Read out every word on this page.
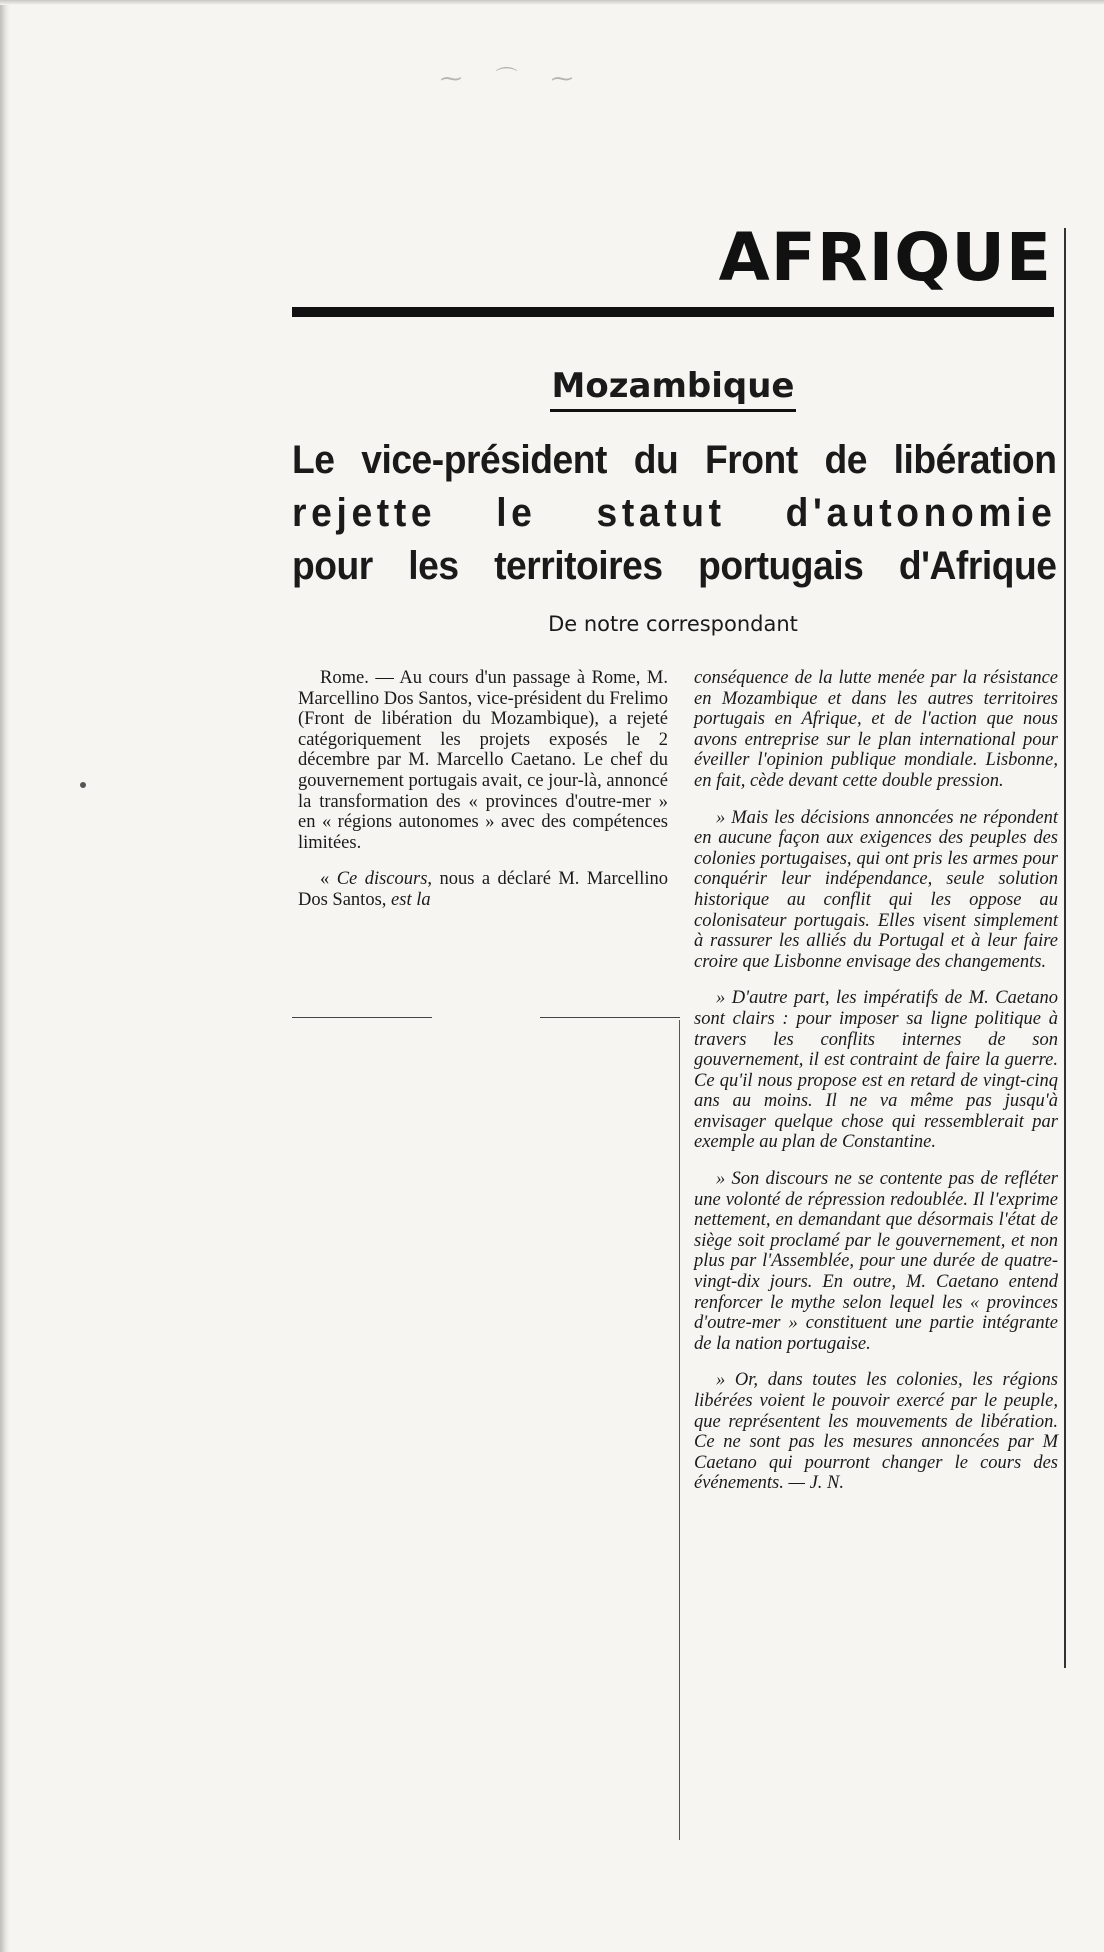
⁓ ⌒ ⁓
AFRIQUE
Mozambique
Le vice-président du Front de libération
rejette le statut d'autonomie
pour les territoires portugais d'Afrique
De notre correspondant

Rome. — Au cours d'un passage à Rome, M. Marcellino Dos Santos, vice-président du Frelimo (Front de libération du Mozambique), a rejeté catégoriquement les projets exposés le 2 décembre par M. Marcello Caetano. Le chef du gouvernement portugais avait, ce jour-là, annoncé la transformation des « provinces d'outre-mer » en « régions autonomes » avec des compétences limitées.

« Ce discours, nous a déclaré M. Marcellino Dos Santos, est la

conséquence de la lutte menée par la résistance en Mozambique et dans les autres territoires portugais en Afrique, et de l'action que nous avons entreprise sur le plan international pour éveiller l'opinion publique mondiale. Lisbonne, en fait, cède devant cette double pression.

» Mais les décisions annoncées ne répondent en aucune façon aux exigences des peuples des colonies portugaises, qui ont pris les armes pour conquérir leur indépendance, seule solution historique au conflit qui les oppose au colonisateur portugais. Elles visent simplement à rassurer les alliés du Portugal et à leur faire croire que Lisbonne envisage des changements.

» D'autre part, les impératifs de M. Caetano sont clairs : pour imposer sa ligne politique à travers les conflits internes de son gouvernement, il est contraint de faire la guerre. Ce qu'il nous propose est en retard de vingt-cinq ans au moins. Il ne va même pas jusqu'à envisager quelque chose qui ressemblerait par exemple au plan de Constantine.

» Son discours ne se contente pas de refléter une volonté de répression redoublée. Il l'exprime nettement, en demandant que désormais l'état de siège soit proclamé par le gouvernement, et non plus par l'Assemblée, pour une durée de quatre-vingt-dix jours. En outre, M. Caetano entend renforcer le mythe selon lequel les « provinces d'outre-mer » constituent une partie intégrante de la nation portugaise.

» Or, dans toutes les colonies, les régions libérées voient le pouvoir exercé par le peuple, que représentent les mouvements de libération. Ce ne sont pas les mesures annoncées par M Caetano qui pourront changer le cours des événements. — J. N.
